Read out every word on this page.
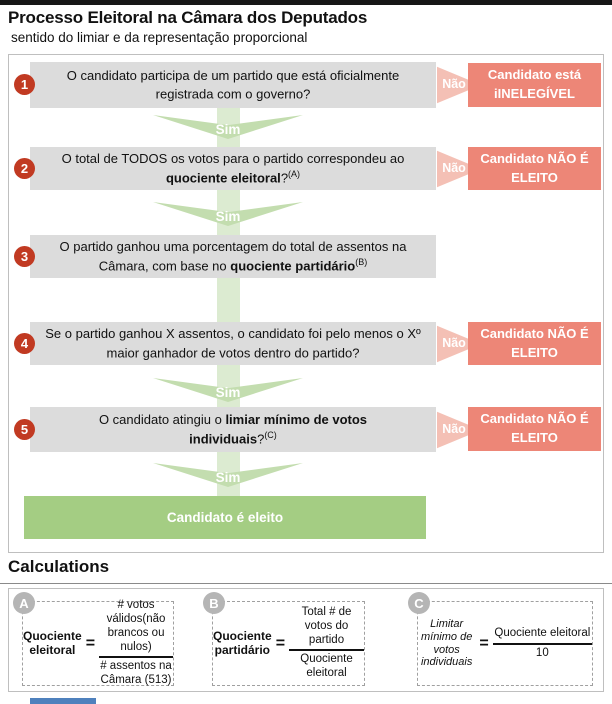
Processo Eleitoral na Câmara dos Deputados
sentido do limiar e da representação proporcional
Sim
Sim
Sim
Sim
1
O candidato participa de um partido que está oficialmente registrada com o governo?
Não
Candidato está
iINELEGÍVEL
2
O total de TODOS os votos para o partido correspondeu ao quociente eleitoral?$^{(A)}$	Não
Candidato NÃO É
ELEITO
3
O partido ganhou uma porcentagem do total de assentos na Câmara, com base no quociente partidário$^{(B)}$
4
Se o partido ganhou X assentos, o candidato foi pelo menos o Xº maior ganhador de votos dentro do partido?
Não
Candidato NÃO É
ELEITO
5
O candidato atingiu o limiar mínimo de votos individuais?$^{(C)}$	Não
Candidato NÃO É
ELEITO
Candidato é eleito
Calculations
Quociente eleitoral = $\frac{\text{\# votos válidos(não brancos ou nulos)}}{\text{\# assentos na Câmara (513)}}$	Quociente partidário = $\frac{\text{Total \# de votos do partido}}{\text{Quociente eleitoral}}$	Limitar mínimo de votos individuais
= $\frac{\text{Quociente eleitoral}}{10}$
A	B	C
